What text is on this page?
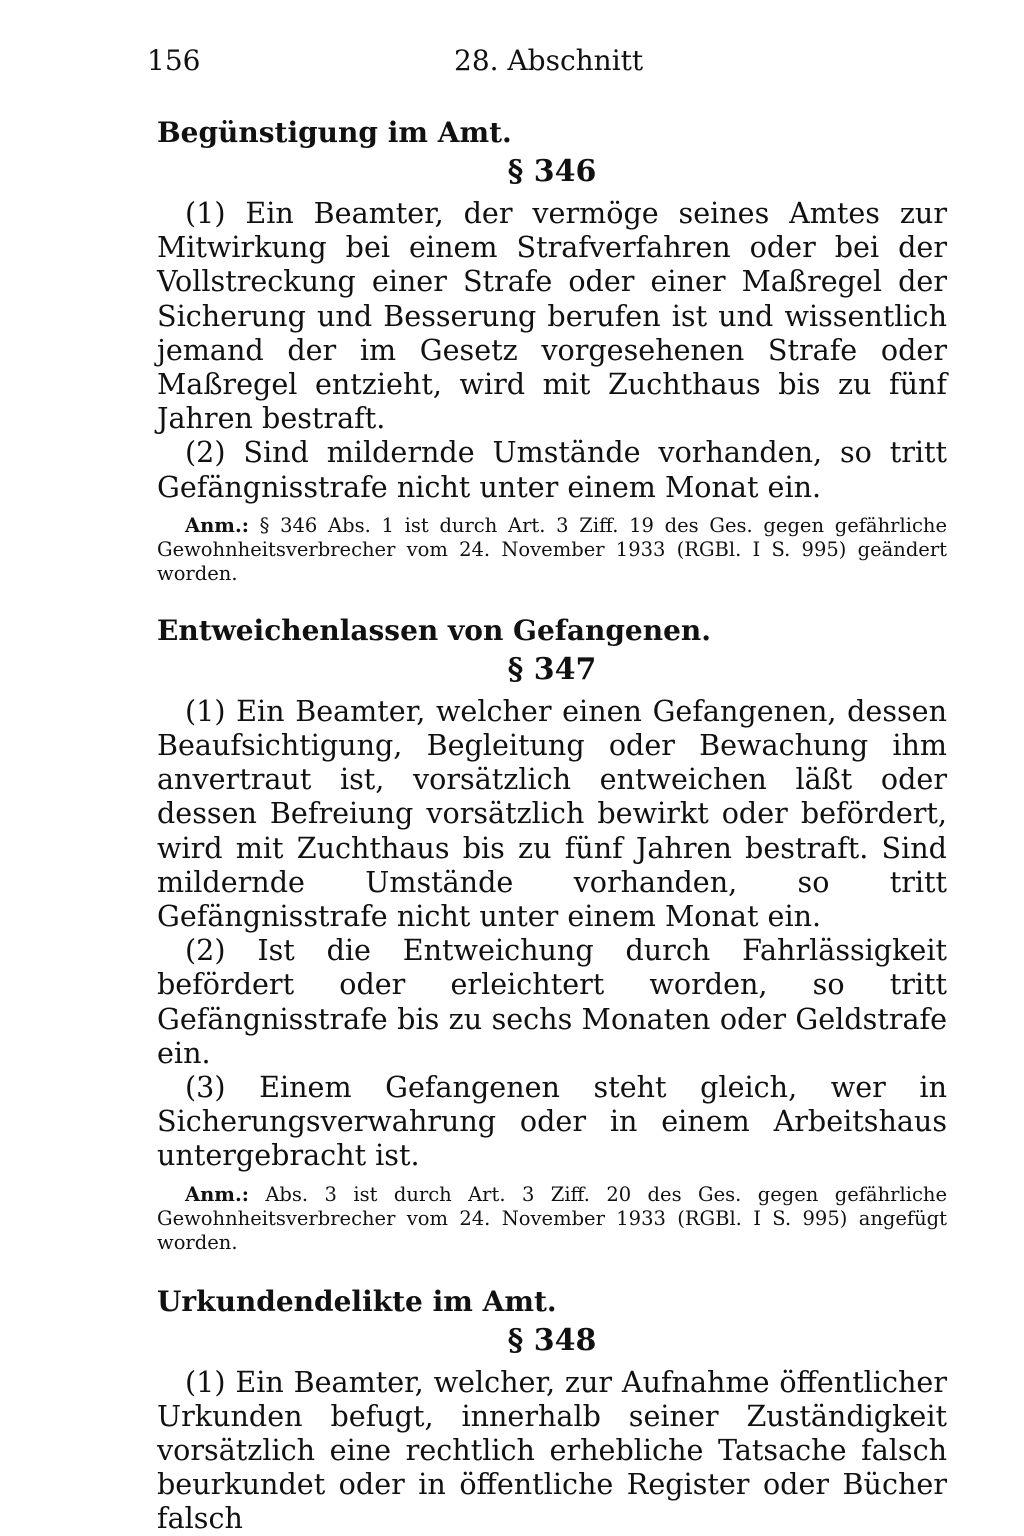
156	28. Abschnitt

Begünstigung im Amt.

§ 346

(1) Ein Beamter, der vermöge seines Amtes zur Mitwirkung bei einem Strafverfahren oder bei der Vollstreckung einer Strafe oder einer Maßregel der Sicherung und Besserung berufen ist und wissentlich jemand der im Gesetz vorgesehenen Strafe oder Maßregel entzieht, wird mit Zuchthaus bis zu fünf Jahren bestraft.

(2) Sind mildernde Umstände vorhanden, so tritt Gefängnisstrafe nicht unter einem Monat ein.

Anm.: § 346 Abs. 1 ist durch Art. 3 Ziff. 19 des Ges. gegen gefährliche Gewohnheitsverbrecher vom 24. November 1933 (RGBl. I S. 995) geändert worden.

Entweichenlassen von Gefangenen.

§ 347

(1) Ein Beamter, welcher einen Gefangenen, dessen Beaufsichtigung, Begleitung oder Bewachung ihm anvertraut ist, vorsätzlich entweichen läßt oder dessen Befreiung vorsätzlich bewirkt oder befördert, wird mit Zuchthaus bis zu fünf Jahren bestraft. Sind mildernde Umstände vorhanden, so tritt Gefängnisstrafe nicht unter einem Monat ein.

(2) Ist die Entweichung durch Fahrlässigkeit befördert oder erleichtert worden, so tritt Gefängnisstrafe bis zu sechs Monaten oder Geldstrafe ein.

(3) Einem Gefangenen steht gleich, wer in Sicherungsverwahrung oder in einem Arbeitshaus untergebracht ist.

Anm.: Abs. 3 ist durch Art. 3 Ziff. 20 des Ges. gegen gefährliche Gewohnheitsverbrecher vom 24. November 1933 (RGBl. I S. 995) angefügt worden.

Urkundendelikte im Amt.

§ 348

(1) Ein Beamter, welcher, zur Aufnahme öffentlicher Urkunden befugt, innerhalb seiner Zuständigkeit vorsätzlich eine rechtlich erhebliche Tatsache falsch beurkundet oder in öffentliche Register oder Bücher falsch
